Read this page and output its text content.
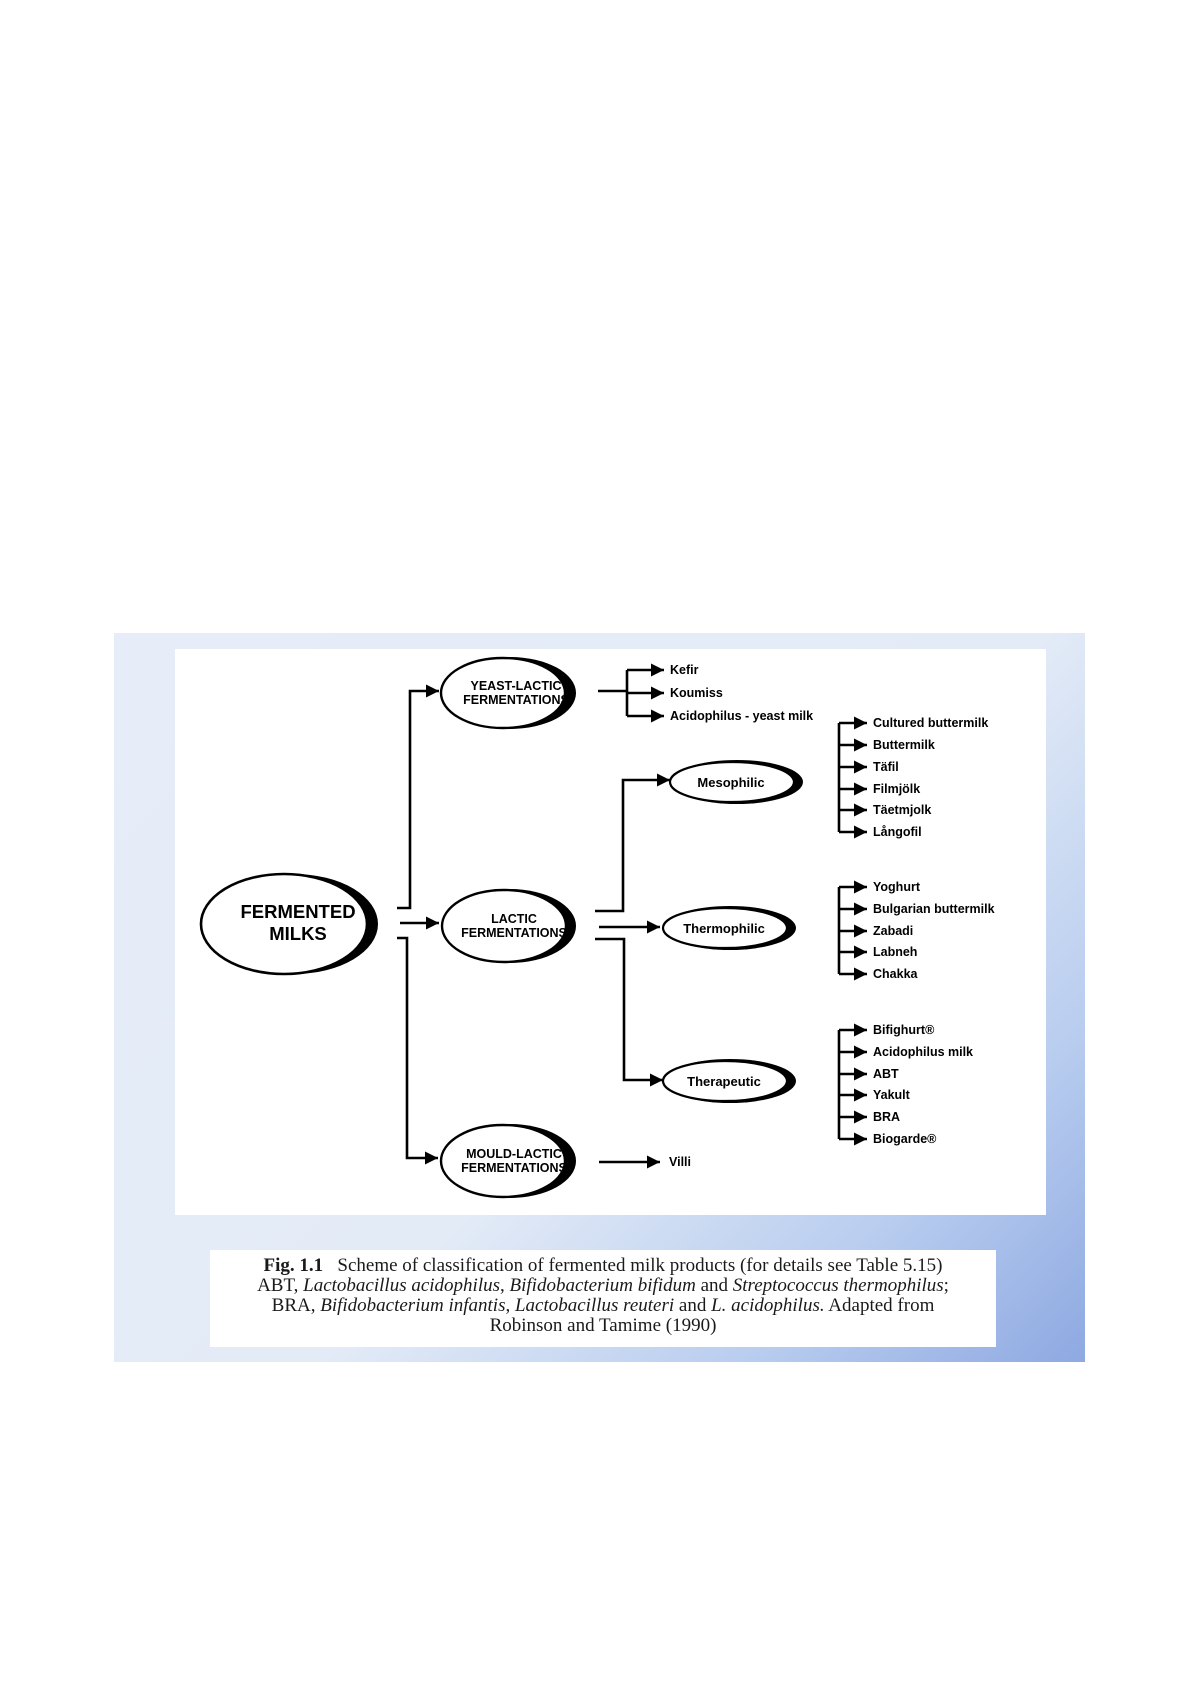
FERMENTED
MILKS
YEAST-LACTIC
FERMENTATIONS
LACTIC
FERMENTATIONS
MOULD-LACTIC
FERMENTATIONS
Mesophilic
Thermophilic
Therapeutic
Kefir
Koumiss
Acidophilus - yeast milk	Cultured buttermilk
Buttermilk
Täfil
Filmjölk
Täetmjolk
Långofil
Yoghurt
Bulgarian buttermilk
Zabadi
Labneh
Chakka
Bifighurt®
Acidophilus milk
ABT
Yakult
BRA
Biogarde®
Villi
Fig. 1.1 Scheme of classification of fermented milk products (for details see Table 5.15)
ABT, Lactobacillus acidophilus, Bifidobacterium bifidum and Streptococcus thermophilus;
BRA, Bifidobacterium infantis, Lactobacillus reuteri and L. acidophilus. Adapted from
Robinson and Tamime (1990)
